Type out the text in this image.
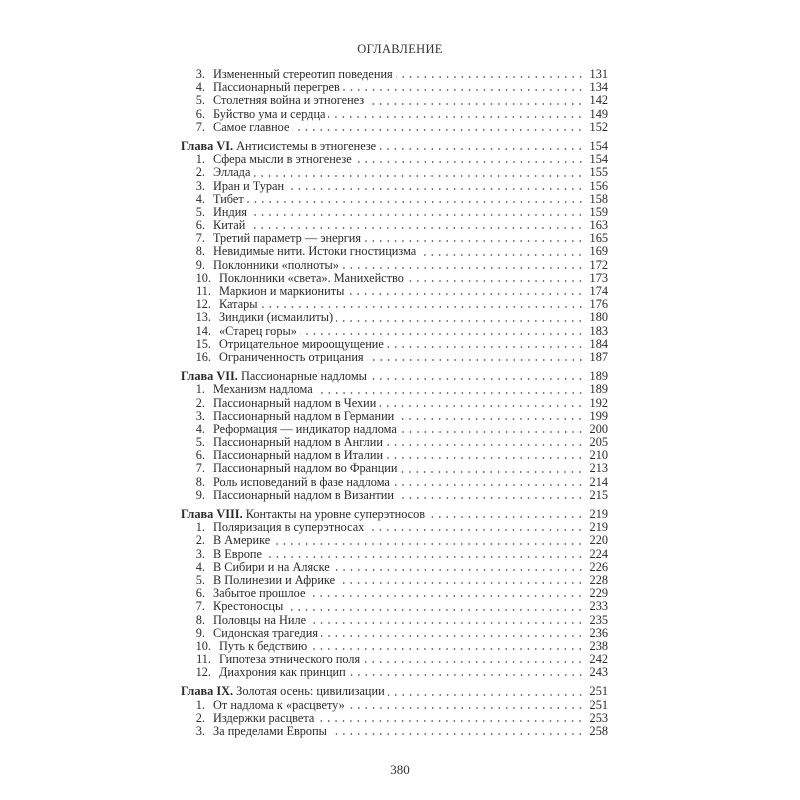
ОГЛАВЛЕНИЕ
3. Измененный стереотип поведения	131
4. Пассионарный перегрев	134
5. Столетняя война и этногенез	142
6. Буйство ума и сердца	149
7. Самое главное	152
Глава VI. Антисистемы в этногенезе	154
1. Сфера мысли в этногенезе	154
2. Эллада	155
3. Иран и Туран	156
4. Тибет	158
5. Индия	159
6. Китай	163
7. Третий параметр — энергия	165
8. Невидимые нити. Истоки гностицизма	169
9. Поклонники «полноты»	172
10. Поклонники «света». Манихейство	173
11. Маркион и маркиониты	174
12. Катары	176
13. Зиндики (исмаилиты)	180
14. «Старец горы»	183
15. Отрицательное мироощущение	184
16. Ограниченность отрицания	187
Глава VII. Пассионарные надломы	189
1. Механизм надлома	189
2. Пассионарный надлом в Чехии	192
3. Пассионарный надлом в Германии	199
4. Реформация — индикатор надлома	200
5. Пассионарный надлом в Англии	205
6. Пассионарный надлом в Италии	210
7. Пассионарный надлом во Франции	213
8. Роль исповеданий в фазе надлома	214
9. Пассионарный надлом в Византии	215
Глава VIII. Контакты на уровне суперэтносов	219
1. Поляризация в суперэтносах	219
2. В Америке	220
3. В Европе	224
4. В Сибири и на Аляске	226
5. В Полинезии и Африке	228
6. Забытое прошлое	229
7. Крестоносцы	233
8. Половцы на Ниле	235
9. Сидонская трагедия	236
10. Путь к бедствию	238
11. Гипотеза этнического поля	242
12. Диахрония как принцип	243
Глава IX. Золотая осень: цивилизации	251
1. От надлома к «расцвету»	251
2. Издержки расцвета	253
3. За пределами Европы	258
380
